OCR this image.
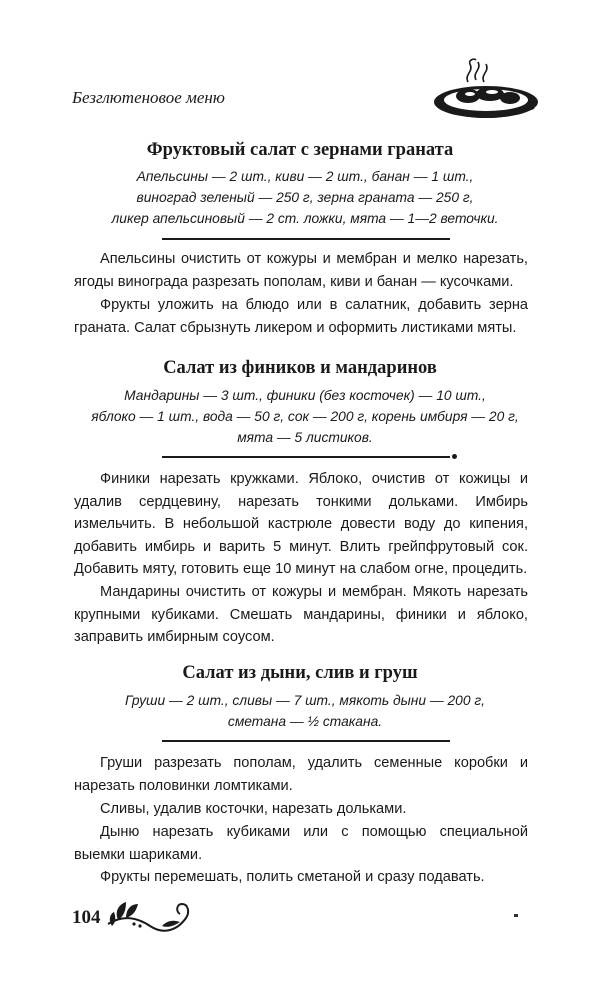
Безглютеновое меню
Фруктовый салат с зернами граната
Апельсины — 2 шт., киви — 2 шт., банан — 1 шт.,
виноград зеленый — 250 г, зерна граната — 250 г,
ликер апельсиновый — 2 ст. ложки, мята — 1—2 веточки.

Апельсины очистить от кожуры и мембран и мелко нарезать, ягоды винограда разрезать пополам, киви и банан — кусочками.

Фрукты уложить на блюдо или в салатник, добавить зерна граната. Салат сбрызнуть ликером и оформить листиками мяты.

Салат из фиников и мандаринов
Мандарины — 3 шт., финики (без косточек) — 10 шт.,
яблоко — 1 шт., вода — 50 г, сок — 200 г, корень имбиря — 20 г,
мята — 5 листиков.

Финики нарезать кружками. Яблоко, очистив от кожицы и удалив сердцевину, нарезать тонкими дольками. Имбирь измельчить. В небольшой кастрюле довести воду до кипения, добавить имбирь и варить 5 минут. Влить грейпфрутовый сок. Добавить мяту, готовить еще 10 минут на слабом огне, процедить.

Мандарины очистить от кожуры и мембран. Мякоть нарезать крупными кубиками. Смешать мандарины, финики и яблоко, заправить имбирным соусом.

Салат из дыни, слив и груш
Груши — 2 шт., сливы — 7 шт., мякоть дыни — 200 г,
сметана — ½ стакана.

Груши разрезать пополам, удалить семенные коробки и нарезать половинки ломтиками.

Сливы, удалив косточки, нарезать дольками.

Дыню нарезать кубиками или с помощью специальной выемки шариками.

Фрукты перемешать, полить сметаной и сразу подавать.

104
